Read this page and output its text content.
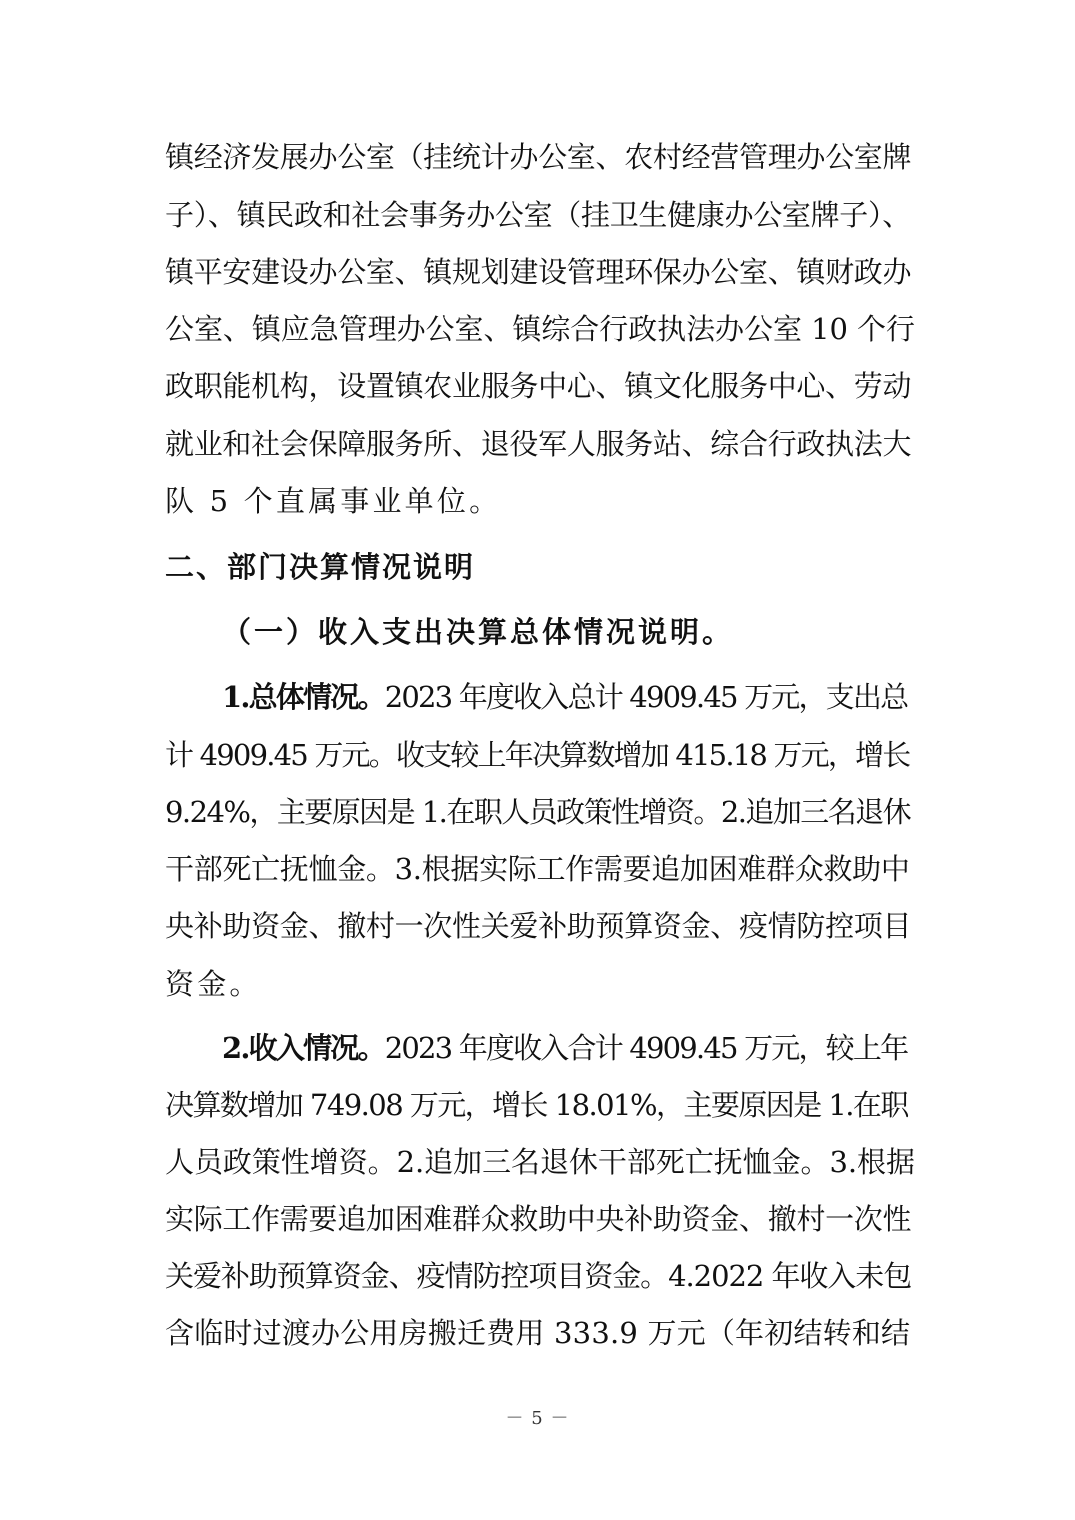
镇经济发展办公室（挂统计办公室、农村经营管理办公室牌
子）、镇民政和社会事务办公室（挂卫生健康办公室牌子）、
镇平安建设办公室、镇规划建设管理环保办公室、镇财政办
公室、镇应急管理办公室、镇综合行政执法办公室 10 个行
政职能机构，设置镇农业服务中心、镇文化服务中心、劳动
就业和社会保障服务所、退役军人服务站、综合行政执法大
队 5 个直属事业单位。
二、部门决算情况说明
（一）收入支出决算总体情况说明。
1.总体情况。2023 年度收入总计 4909.45 万元，支出总
计 4909.45 万元。收支较上年决算数增加 415.18 万元，增长
9.24%，主要原因是 1.在职人员政策性增资。2.追加三名退休
干部死亡抚恤金。3.根据实际工作需要追加困难群众救助中
央补助资金、撤村一次性关爱补助预算资金、疫情防控项目
资金。
2.收入情况。2023 年度收入合计 4909.45 万元，较上年
决算数增加 749.08 万元，增长 18.01%，主要原因是 1.在职
人员政策性增资。2.追加三名退休干部死亡抚恤金。3.根据
实际工作需要追加困难群众救助中央补助资金、撤村一次性
关爱补助预算资金、疫情防控项目资金。4.2022 年收入未包
含临时过渡办公用房搬迁费用 333.9 万元（年初结转和结
－ 5 －
